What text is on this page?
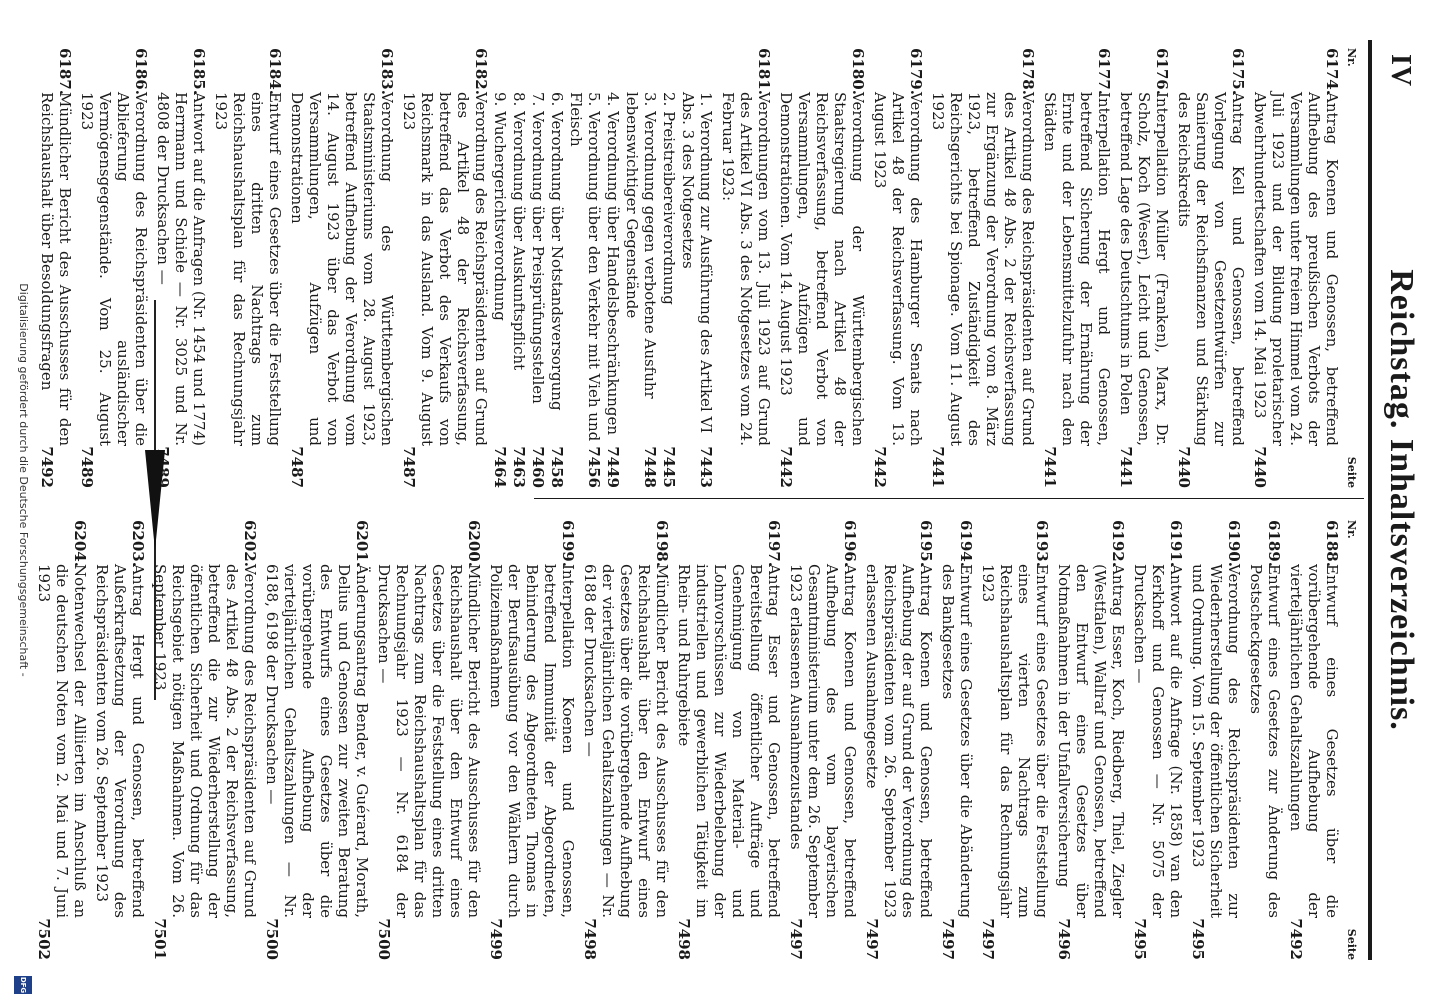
IV
Reichstag. Inhaltsverzeichnis.
Nr.
Seite
6174.
Antrag Koenen und Genossen, betreffend Aufhebung des preußischen Verbots der Versammlungen unter freiem Himmel vom 24. Juli 1923 und der Bildung proletarischer Abwehrhundertschaften vom 14. Mai 1923
7440
6175.
Antrag Kell und Genossen, betreffend Vorlegung von Gesetzentwürfen zur Sanierung der Reichsfinanzen und Stärkung des Reichskredits
7440
6176.
Interpellation Müller (Franken), Marx, Dr. Scholz, Koch (Weser), Leicht und Genossen, betreffend Lage des Deutschtums in Polen
7441
6177.
Interpellation Hergt und Genossen, betreffend Sicherung der Ernährung der Ernte und der Lebensmittelzufuhr nach den Städten
7441
6178.
Verordnung des Reichspräsidenten auf Grund des Artikel 48 Abs. 2 der Reichsverfassung zur Ergänzung der Verordnung vom 8. März 1923, betreffend Zuständigkeit des Reichsgerichts bei Spionage. Vom 11. August 1923
7441
6179.
Verordnung des Hamburger Senats nach Artikel 48 der Reichsverfassung. Vom 13. August 1923
7442
6180.
Verordnung der Württembergischen Staatsregierung nach Artikel 48 der Reichsverfassung, betreffend Verbot von Versammlungen, Aufzügen und Demonstrationen. Vom 14. August 1923
7442
6181.
Verordnungen vom 13. Juli 1923 auf Grund des Artikel VI Abs. 3 des Notgesetzes vom 24. Februar 1923:
1. Verordnung zur Ausführung des Artikel VI Abs. 3 des Notgesetzes
7443
2. Preistreibereiverordnung
7445
3. Verordnung gegen verbotene Ausfuhr lebenswichtiger Gegenstände
7448
4. Verordnung über Handelsbeschränkungen
7449
5. Verordnung über den Verkehr mit Vieh und Fleisch
7456
6. Verordnung über Notstandsversorgung
7458
7. Verordnung über Preisprüfungsstellen
7460
8. Verordnung über Auskunftspflicht
7463
9. Wuchergerichtsverordnung
7464
6182.
Verordnung des Reichspräsidenten auf Grund des Artikel 48 der Reichsverfassung, betreffend das Verbot des Verkaufs von Reichsmark in das Ausland. Vom 9. August 1923
7487
6183.
Verordnung des Württembergischen Staatsministeriums vom 28. August 1923, betreffend Aufhebung der Verordnung vom 14. August 1923 über das Verbot von Versammlungen, Aufzügen und Demonstrationen
7487
6184.
Entwurf eines Gesetzes über die Feststellung eines dritten Nachtrags zum Reichshaushaltsplan für das Rechnungsjahr 1923
6185.
Antwort auf die Anfragen (Nr. 1454 und 1774) Herrmann und Schiele — Nr. 3025 und Nr. 4808 der Drucksachen —
7489
6186.
Verordnung des Reichspräsidenten über die Ablieferung ausländischer Vermögensgegenstände. Vom 25. August 1923
7489
6187.
Mündlicher Bericht des Ausschusses für den Reichshaushalt über Besoldungsfragen
7492
Nr.
Seite
6188.
Entwurf eines Gesetzes über die vorübergehende Aufhebung der vierteljährlichen Gehaltszahlungen
7492
6189.
Entwurf eines Gesetzes zur Änderung des Postscheckgesetzes
6190.
Verordnung des Reichspräsidenten zur Wiederherstellung der öffentlichen Sicherheit und Ordnung. Vom 15. September 1923
7495
6191.
Antwort auf die Anfrage (Nr. 1858) van den Kerkhoff und Genossen — Nr. 5075 der Drucksachen —
7495
6192.
Antrag Esser, Koch, Riedberg, Thiel, Ziegler (Westfalen), Wallraf und Genossen, betreffend den Entwurf eines Gesetzes über Notmaßnahmen in der Unfallversicherung
7496
6193.
Entwurf eines Gesetzes über die Feststellung eines vierten Nachtrags zum Reichshaushaltsplan für das Rechnungsjahr 1923
7497
6194.
Entwurf eines Gesetzes über die Abänderung des Bankgesetzes
7497
6195.
Antrag Koenen und Genossen, betreffend Aufhebung der auf Grund der Verordnung des Reichspräsidenten vom 26. September 1923 erlassenen Ausnahmegesetze
7497
6196.
Antrag Koenen und Genossen, betreffend Aufhebung des vom bayerischen Gesamtministerium unter dem 26. September 1923 erlassenen Ausnahmezustandes
7497
6197.
Antrag Esser und Genossen, betreffend Bereitstellung öffentlicher Aufträge und Genehmigung von Material- und Lohnvorschüssen zur Wiederbelebung der industriellen und gewerblichen Tätigkeit im Rhein- und Ruhrgebiete
7498
6198.
Mündlicher Bericht des Ausschusses für den Reichshaushalt über den Entwurf eines Gesetzes über die vorübergehende Aufhebung der vierteljährlichen Gehaltszahlungen — Nr. 6188 der Drucksachen —
7498
6199.
Interpellation Koenen und Genossen, betreffend Immunität der Abgeordneten, Behinderung des Abgeordneten Thomas in der Berufsausübung vor den Wählern durch Polizeimaßnahmen
7499
6200.
Mündlicher Bericht des Ausschusses für den Reichshaushalt über den Entwurf eines Gesetzes über die Feststellung eines dritten Nachtrags zum Reichshaushaltsplan für das Rechnungsjahr 1923 — Nr. 6184 der Drucksachen —
7500
6201.
Änderungsantrag Bender, v. Guérard, Morath, Delius und Genossen zur zweiten Beratung des Entwurfs eines Gesetzes über die vorübergehende Aufhebung der vierteljährlichen Gehaltszahlungen — Nr. 6188, 6198 der Drucksachen —
7500
6202.
Verordnung des Reichspräsidenten auf Grund des Artikel 48 Abs. 2 der Reichsverfassung, betreffend die zur Wiederherstellung der öffentlichen Sicherheit und Ordnung für das Reichsgebiet nötigen Maßnahmen. Vom 26. September 1923
7501
6203.
Antrag Hergt und Genossen, betreffend Außerkraftsetzung der Verordnung des Reichspräsidenten vom 26. September 1923
6204.
Notenwechsel der Alliierten im Anschluß an die deutschen Noten vom 2. Mai und 7. Juni 1923
7502
Digitalisierung gefördert durch die Deutsche Forschungsgemeinschaft -
DFG
